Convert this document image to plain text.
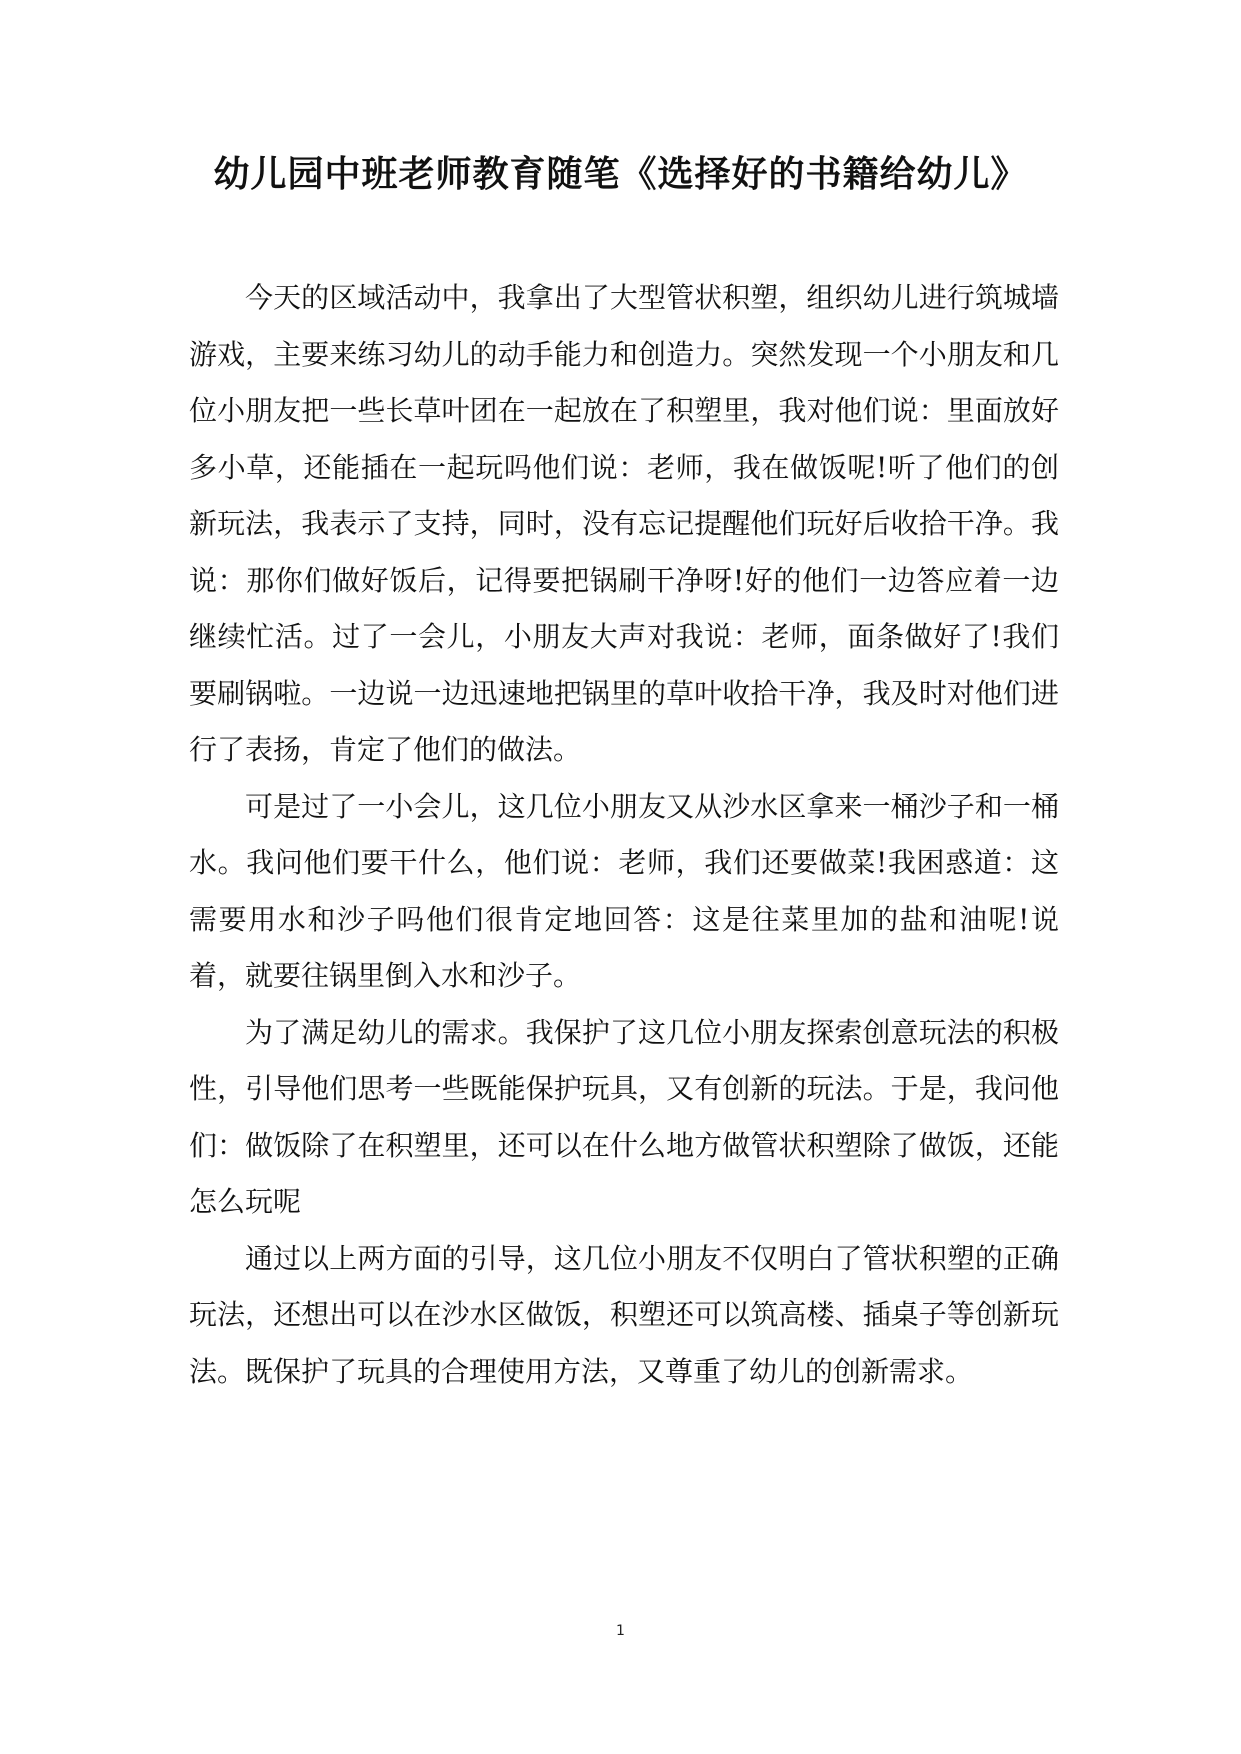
幼儿园中班老师教育随笔《选择好的书籍给幼儿》

今天的区域活动中，我拿出了大型管状积塑，组织幼儿进行筑城墙游戏，主要来练习幼儿的动手能力和创造力。突然发现一个小朋友和几位小朋友把一些长草叶团在一起放在了积塑里，我对他们说：里面放好多小草，还能插在一起玩吗他们说：老师，我在做饭呢!听了他们的创新玩法，我表示了支持，同时，没有忘记提醒他们玩好后收拾干净。我说：那你们做好饭后，记得要把锅刷干净呀!好的他们一边答应着一边继续忙活。过了一会儿，小朋友大声对我说：老师，面条做好了!我们要刷锅啦。一边说一边迅速地把锅里的草叶收拾干净，我及时对他们进行了表扬，肯定了他们的做法。

可是过了一小会儿，这几位小朋友又从沙水区拿来一桶沙子和一桶水。我问他们要干什么，他们说：老师，我们还要做菜!我困惑道：这需要用水和沙子吗他们很肯定地回答：这是往菜里加的盐和油呢!说着，就要往锅里倒入水和沙子。

为了满足幼儿的需求。我保护了这几位小朋友探索创意玩法的积极性，引导他们思考一些既能保护玩具，又有创新的玩法。于是，我问他们：做饭除了在积塑里，还可以在什么地方做管状积塑除了做饭，还能怎么玩呢

通过以上两方面的引导，这几位小朋友不仅明白了管状积塑的正确玩法，还想出可以在沙水区做饭，积塑还可以筑高楼、插桌子等创新玩法。既保护了玩具的合理使用方法，又尊重了幼儿的创新需求。

1
